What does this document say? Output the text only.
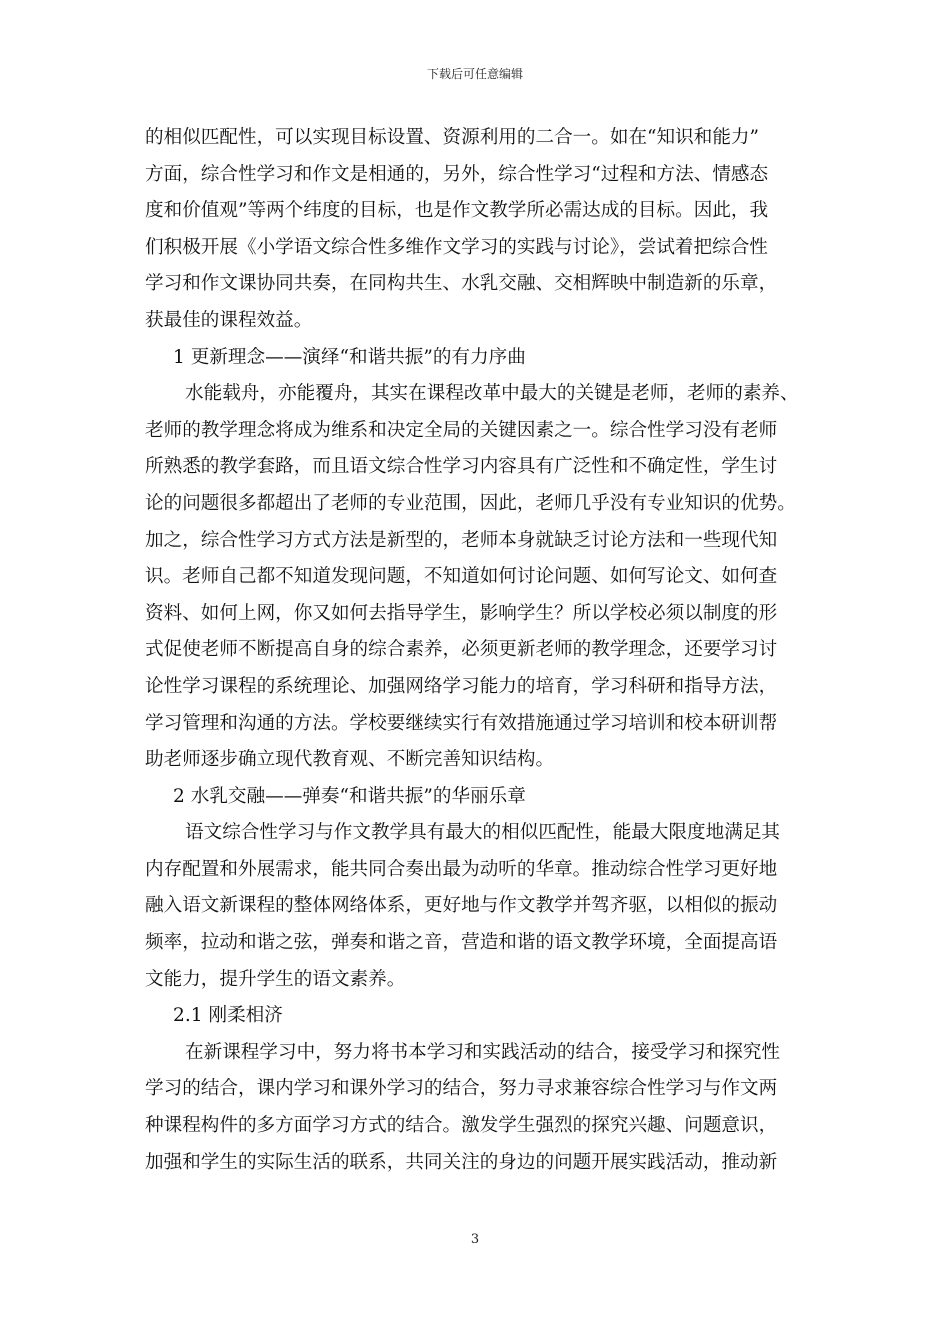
下载后可任意编辑
的相似匹配性，可以实现目标设置、资源利用的二合一。如在“知识和能力”
方面，综合性学习和作文是相通的，另外，综合性学习“过程和方法、情感态
度和价值观”等两个纬度的目标，也是作文教学所必需达成的目标。因此，我
们积极开展《小学语文综合性多维作文学习的实践与讨论》，尝试着把综合性
学习和作文课协同共奏，在同构共生、水乳交融、交相辉映中制造新的乐章，
获最佳的课程效益。
1 更新理念——演绎“和谐共振”的有力序曲
水能载舟，亦能覆舟，其实在课程改革中最大的关键是老师，老师的素养、
老师的教学理念将成为维系和决定全局的关键因素之一。综合性学习没有老师
所熟悉的教学套路，而且语文综合性学习内容具有广泛性和不确定性，学生讨
论的问题很多都超出了老师的专业范围，因此，老师几乎没有专业知识的优势。
加之，综合性学习方式方法是新型的，老师本身就缺乏讨论方法和一些现代知
识。老师自己都不知道发现问题，不知道如何讨论问题、如何写论文、如何查
资料、如何上网，你又如何去指导学生，影响学生？所以学校必须以制度的形
式促使老师不断提高自身的综合素养，必须更新老师的教学理念，还要学习讨
论性学习课程的系统理论、加强网络学习能力的培育，学习科研和指导方法，
学习管理和沟通的方法。学校要继续实行有效措施通过学习培训和校本研训帮
助老师逐步确立现代教育观、不断完善知识结构。
2 水乳交融——弹奏“和谐共振”的华丽乐章
语文综合性学习与作文教学具有最大的相似匹配性，能最大限度地满足其
内存配置和外展需求，能共同合奏出最为动听的华章。推动综合性学习更好地
融入语文新课程的整体网络体系，更好地与作文教学并驾齐驱，以相似的振动
频率，拉动和谐之弦，弹奏和谐之音，营造和谐的语文教学环境，全面提高语
文能力，提升学生的语文素养。
2.1 刚柔相济
在新课程学习中，努力将书本学习和实践活动的结合，接受学习和探究性
学习的结合，课内学习和课外学习的结合，努力寻求兼容综合性学习与作文两
种课程构件的多方面学习方式的结合。激发学生强烈的探究兴趣、问题意识，
加强和学生的实际生活的联系，共同关注的身边的问题开展实践活动，推动新
3
